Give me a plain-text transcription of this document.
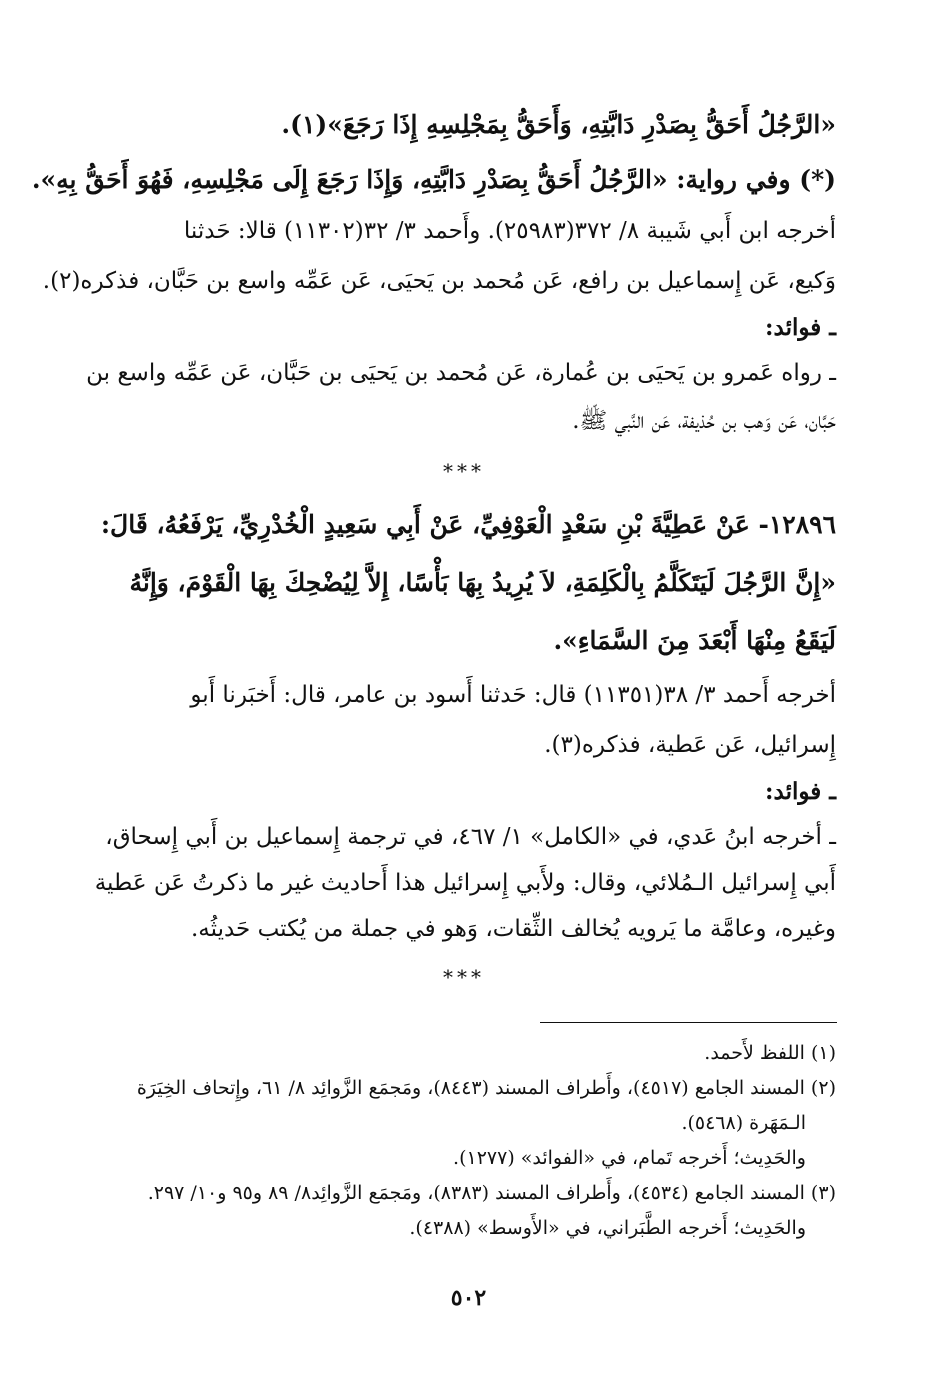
«الرَّجُلُ أَحَقُّ بِصَدْرِ دَابَّتِهِ، وَأَحَقُّ بِمَجْلِسِهِ إِذَا رَجَعَ»(١).
(*) وفي رواية: «الرَّجُلُ أَحَقُّ بِصَدْرِ دَابَّتِهِ، وَإِذَا رَجَعَ إِلَى مَجْلِسِهِ، فَهُوَ أَحَقُّ بِهِ».
أخرجه ابن أَبي شَيبة ٨/ ٣٧٢(٢٥٩٨٣). وأَحمد ٣/ ٣٢(١١٣٠٢) قالا: حَدثنا
وَكيع، عَن إِسماعيل بن رافع، عَن مُحمد بن يَحيَى، عَن عَمِّه واسع بن حَبَّان، فذكره(٢).
ـ فوائد:
ـ رواه عَمرو بن يَحيَى بن عُمارة، عَن مُحمد بن يَحيَى بن حَبَّان، عَن عَمِّه واسع بن
حَبَّان، عَن وَهب بن حُذيفة، عَن النَّبي ﷺ.
***
١٢٨٩٦- عَنْ عَطِيَّةَ بْنِ سَعْدٍ الْعَوْفِيِّ، عَنْ أَبِي سَعِيدٍ الْخُدْرِيِّ، يَرْفَعُهُ، قَالَ:
«إِنَّ الرَّجُلَ لَيَتَكَلَّمُ بِالْكَلِمَةِ، لاَ يُرِيدُ بِهَا بَأْسًا، إِلاَّ لِيُضْحِكَ بِهَا الْقَوْمَ، وَإِنَّهُ
لَيَقَعُ مِنْهَا أَبْعَدَ مِنَ السَّمَاءِ».
أخرجه أَحمد ٣/ ٣٨(١١٣٥١) قال: حَدثنا أَسود بن عامر، قال: أَخبَرنا أَبو
إِسرائيل، عَن عَطية، فذكره(٣).
ـ فوائد:
ـ أخرجه ابنُ عَدي، في «الكامل» ١/ ٤٦٧، في ترجمة إِسماعيل بن أَبي إِسحاق،
أَبي إِسرائيل الـمُلائي، وقال: ولأَبي إِسرائيل هذا أَحاديث غير ما ذكرتُ عَن عَطية
وغيره، وعامَّة ما يَرويه يُخالف الثِّقات، وَهو في جملة من يُكتب حَديثُه.
***
(١) اللفظ لأَحمد.
(٢) المسند الجامع (٤٥١٧)، وأَطراف المسند (٨٤٤٣)، ومَجمَع الزَّوائِد ٨/ ٦١، وإِتحاف الخِيَرَة
الـمَهَرة (٥٤٦٨).
والحَدِيث؛ أَخرجه تَمام، في «الفوائد» (١٢٧٧).
(٣) المسند الجامع (٤٥٣٤)، وأَطراف المسند (٨٣٨٣)، ومَجمَع الزَّوائِد٨/ ٨٩ و٩٥ و١٠/ ٢٩٧.
والحَدِيث؛ أَخرجه الطَّبَراني، في «الأَوسط» (٤٣٨٨).
٥٠٢
